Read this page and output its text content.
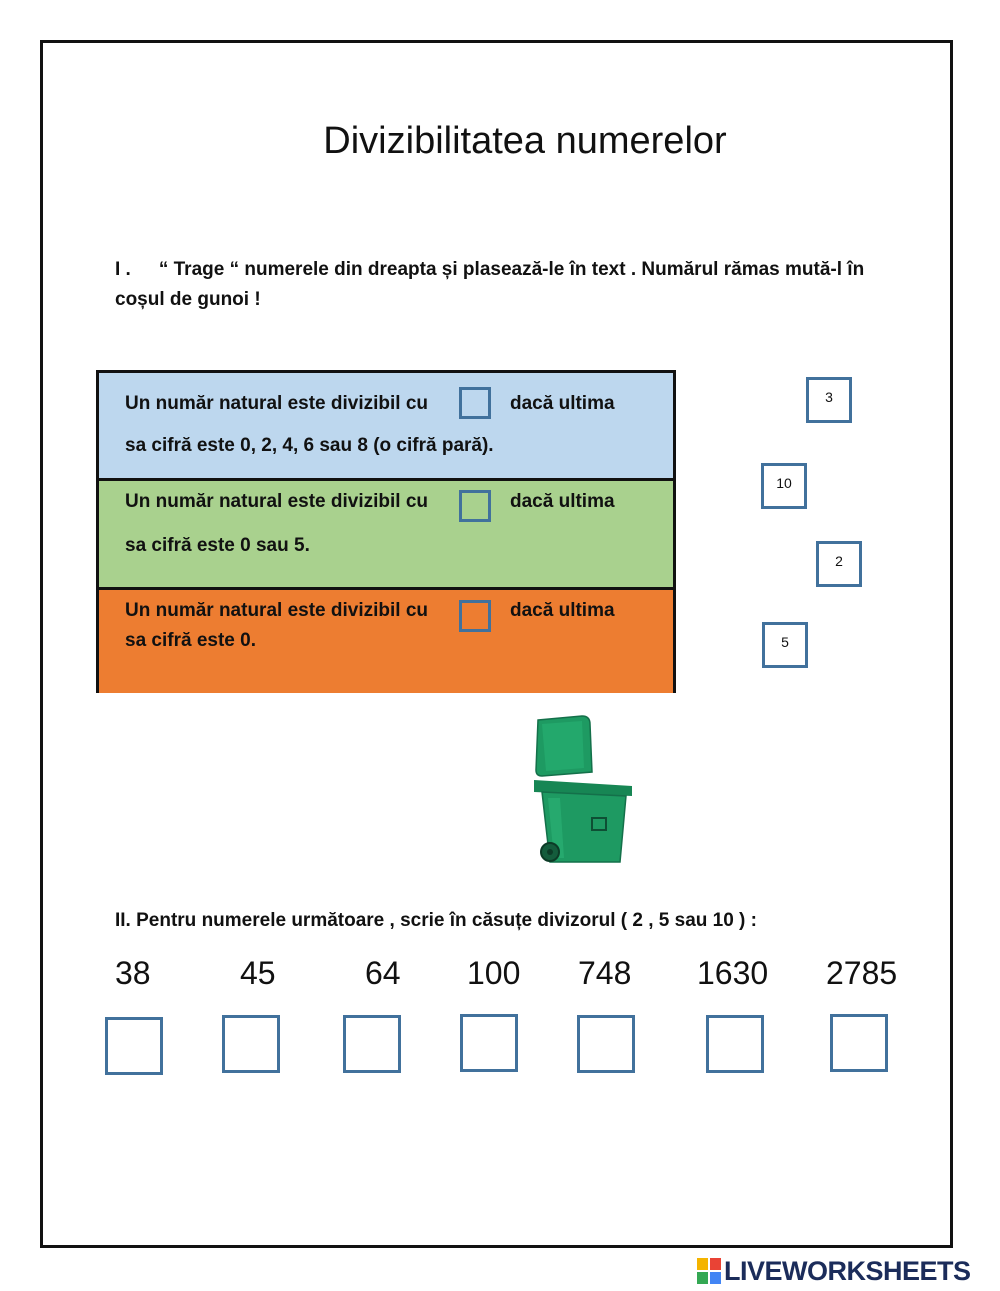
Divizibilitatea numerelor
I . “ Trage “ numerele din dreapta și plasează-le în text . Numărul rămas mută-l în coșul de gunoi !
Un număr natural este divizibil cu	dacă ultima
sa cifră este 0, 2, 4, 6 sau 8 (o cifră pară).
Un număr natural este divizibil cu	dacă ultima
sa cifră este 0 sau 5.
Un număr natural este divizibil cu	dacă ultima
sa cifră este 0.
3
10
2
5
II. Pentru numerele următoare , scrie în căsuțe divizorul ( 2 , 5 sau 10 ) :
38	45	64 100 748 1630 2785
LIVEWORKSHEETS
